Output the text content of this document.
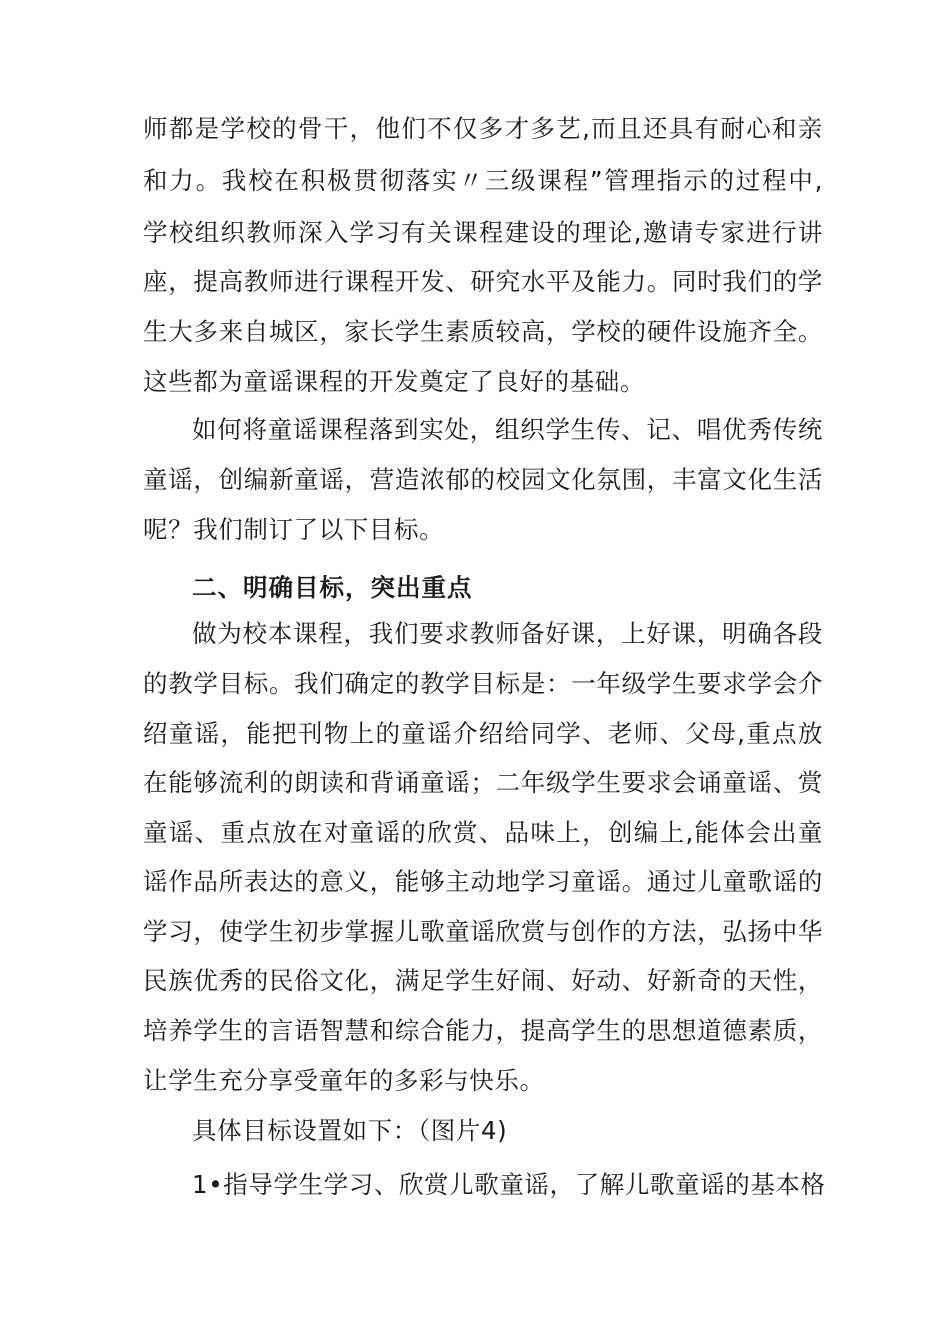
师都是学校的骨干，他们不仅多才多艺,而且还具有耐心和亲
和力。我校在积极贯彻落实〃三级课程”管理指示的过程中,
学校组织教师深入学习有关课程建设的理论,邀请专家进行讲
座，提高教师进行课程开发、研究水平及能力。同时我们的学
生大多来自城区，家长学生素质较高，学校的硬件设施齐全。
这些都为童谣课程的开发奠定了良好的基础。
如何将童谣课程落到实处，组织学生传、记、唱优秀传统
童谣，创编新童谣，营造浓郁的校园文化氛围，丰富文化生活
呢？我们制订了以下目标。
二、明确目标，突出重点
做为校本课程，我们要求教师备好课，上好课，明确各段
的教学目标。我们确定的教学目标是：一年级学生要求学会介
绍童谣，能把刊物上的童谣介绍给同学、老师、父母,重点放
在能够流利的朗读和背诵童谣；二年级学生要求会诵童谣、赏
童谣、重点放在对童谣的欣赏、品味上，创编上,能体会出童
谣作品所表达的意义，能够主动地学习童谣。通过儿童歌谣的
学习，使学生初步掌握儿歌童谣欣赏与创作的方法，弘扬中华
民族优秀的民俗文化，满足学生好闹、好动、好新奇的天性，
培养学生的言语智慧和综合能力，提高学生的思想道德素质，
让学生充分享受童年的多彩与快乐。
具体目标设置如下：（图片4)
1•指导学生学习、欣赏儿歌童谣，了解儿歌童谣的基本格
